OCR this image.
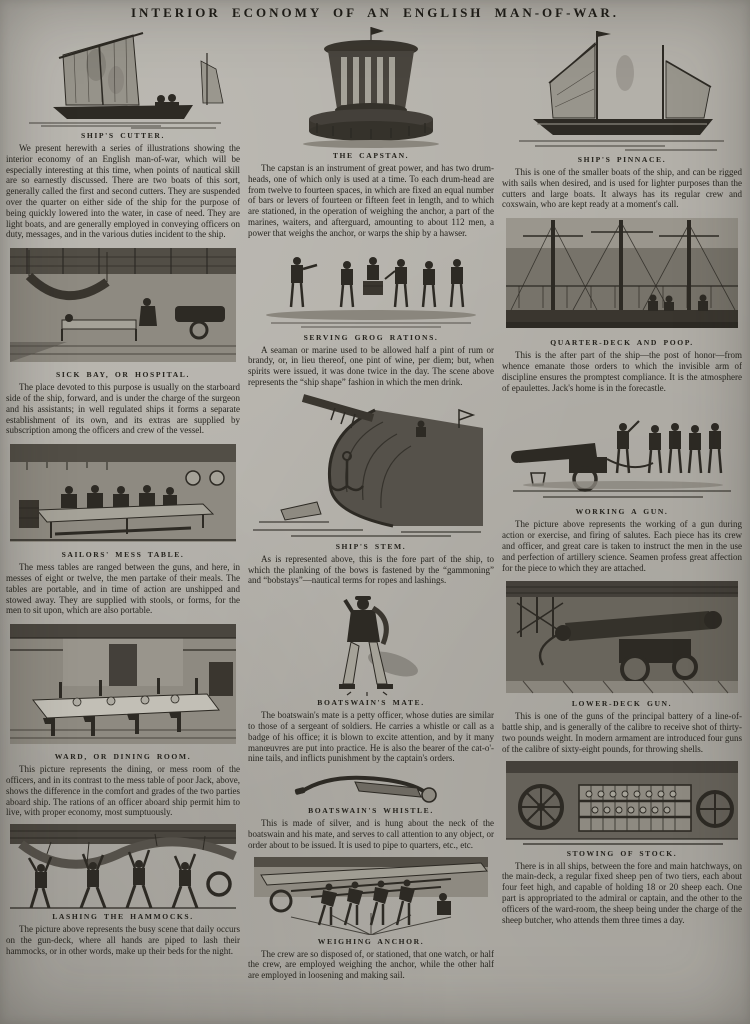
INTERIOR ECONOMY OF AN ENGLISH MAN-OF-WAR.
SHIP'S CUTTER.

We present herewith a series of illustrations showing the interior economy of an English man-of-war, which will be especially interesting at this time, when points of nautical skill are so earnestly discussed. There are two boats of this sort, generally called the first and second cutters. They are suspended over the quarter on either side of the ship for the purpose of being quickly lowered into the water, in case of need. They are light boats, and are generally employed in conveying officers on duty, messages, and in the various duties incident to the ship.

SICK BAY, OR HOSPITAL.

The place devoted to this purpose is usually on the starboard side of the ship, forward, and is under the charge of the surgeon and his assistants; in well regulated ships it forms a separate establishment of its own, and its extras are supplied by subscription among the officers and crew of the vessel.

SAILORS' MESS TABLE.

The mess tables are ranged between the guns, and here, in messes of eight or twelve, the men partake of their meals. The tables are portable, and in time of action are unshipped and stowed away. They are supplied with stools, or forms, for the men to sit upon, which are also portable.

WARD, OR DINING ROOM.

This picture represents the dining, or mess room of the officers, and in its contrast to the mess table of poor Jack, above, shows the difference in the comfort and grades of the two parties aboard ship. The rations of an officer aboard ship permit him to live, with proper economy, most sumptuously.

LASHING THE HAMMOCKS.

The picture above represents the busy scene that daily occurs on the gun-deck, where all hands are piped to lash their hammocks, or in other words, make up their beds for the night.

THE CAPSTAN.

The capstan is an instrument of great power, and has two drum-heads, one of which only is used at a time. To each drum-head are from twelve to fourteen spaces, in which are fixed an equal number of bars or levers of fourteen or fifteen feet in length, and to which are stationed, in the operation of weighing the anchor, a part of the marines, waiters, and afterguard, amounting to about 112 men, a power that weighs the anchor, or warps the ship by a hawser.

SERVING GROG RATIONS.

A seaman or marine used to be allowed half a pint of rum or brandy, or, in lieu thereof, one pint of wine, per diem; but, when spirits were issued, it was done twice in the day. The scene above represents the “ship shape” fashion in which the men drink.

SHIP'S STEM.

As is represented above, this is the fore part of the ship, to which the planking of the bows is fastened by the “gammoning” and “bobstays”—nautical terms for ropes and lashings.

BOATSWAIN'S MATE.

The boatswain's mate is a petty officer, whose duties are similar to those of a sergeant of soldiers. He carries a whistle or call as a badge of his office; it is blown to excite attention, and by it many manœuvres are put into practice. He is also the bearer of the cat-o'-nine tails, and inflicts punishment by the captain's orders.

BOATSWAIN'S WHISTLE.

This is made of silver, and is hung about the neck of the boatswain and his mate, and serves to call attention to any object, or order about to be issued. It is used to pipe to quarters, etc., etc.

WEIGHING ANCHOR.

The crew are so disposed of, or stationed, that one watch, or half the crew, are employed weighing the anchor, while the other half are employed in loosening and making sail.

SHIP'S PINNACE.

This is one of the smaller boats of the ship, and can be rigged with sails when desired, and is used for lighter purposes than the cutters and large boats. It always has its regular crew and coxswain, who are kept ready at a moment's call.

QUARTER-DECK AND POOP.

This is the after part of the ship—the post of honor—from whence emanate those orders to which the invisible arm of discipline ensures the promptest compliance. It is the atmosphere of epaulettes. Jack's home is in the forecastle.

WORKING A GUN.

The picture above represents the working of a gun during action or exercise, and firing of salutes. Each piece has its crew and officer, and great care is taken to instruct the men in the use and perfection of artillery science. Seamen profess great affection for the piece to which they are attached.

LOWER-DECK GUN.

This is one of the guns of the principal battery of a line-of-battle ship, and is generally of the calibre to receive shot of thirty-two pounds weight. In modern armament are introduced four guns of the calibre of sixty-eight pounds, for throwing shells.

STOWING OF STOCK.

There is in all ships, between the fore and main hatchways, on the main-deck, a regular fixed sheep pen of two tiers, each about four feet high, and capable of holding 18 or 20 sheep each. One part is appropriated to the admiral or captain, and the other to the officers of the ward-room, the sheep being under the charge of the sheep butcher, who attends them three times a day.
